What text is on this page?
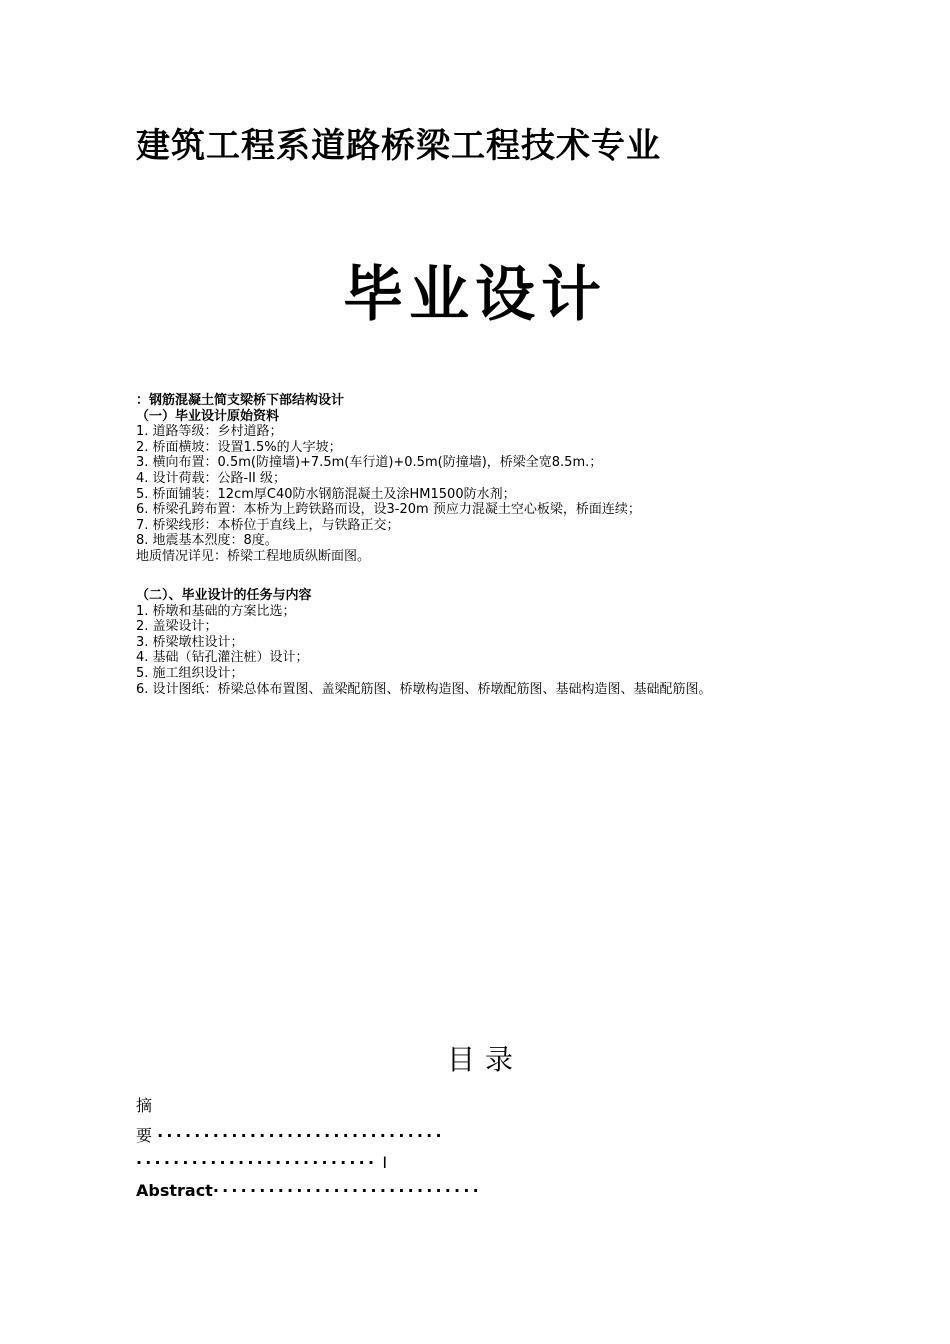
建筑工程系道路桥梁工程技术专业
毕业设计
：钢筋混凝土简支梁桥下部结构设计
（一）毕业设计原始资料
1. 道路等级：乡村道路；
2. 桥面横坡：设置1.5%的人字坡；
3. 横向布置：0.5m(防撞墙)+7.5m(车行道)+0.5m(防撞墙)，桥梁全宽8.5m.；
4. 设计荷载：公路-II 级；
5. 桥面铺装：12cm厚C40防水钢筋混凝土及涂HM1500防水剂；
6. 桥梁孔跨布置：本桥为上跨铁路而设，设3-20m 预应力混凝土空心板梁，桥面连续；
7. 桥梁线形：本桥位于直线上，与铁路正交；
8. 地震基本烈度：8度。
地质情况详见：桥梁工程地质纵断面图。
（二）、毕业设计的任务与内容
1. 桥墩和基础的方案比选；
2. 盖梁设计；
3. 桥梁墩柱设计；
4. 基础（钻孔灌注桩）设计；
5. 施工组织设计；
6. 设计图纸：桥梁总体布置图、盖梁配筋图、桥墩构造图、桥墩配筋图、基础构造图、基础配筋图。
目录
摘
要 ·······························
·························· I
Abstract·····························
